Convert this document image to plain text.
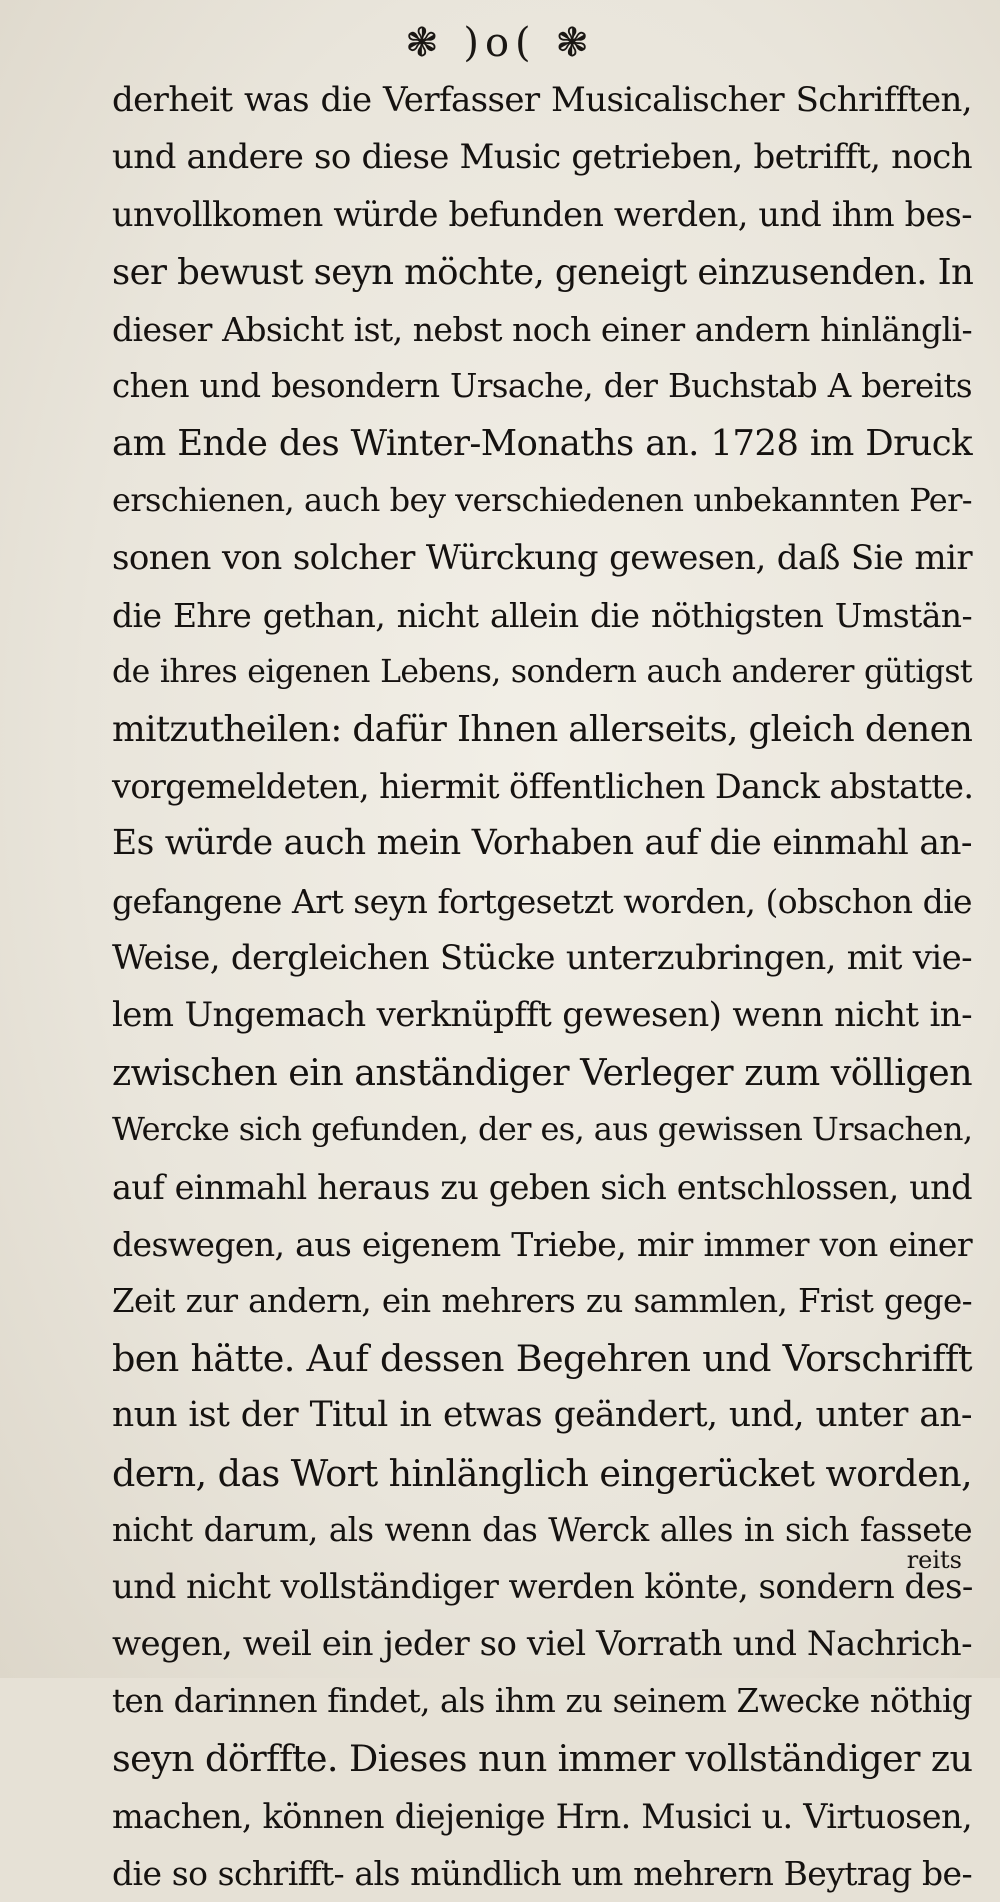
❃ )o( ❃
derheit was die Verfasser Musicalischer Schrifften,
und andere so diese Music getrieben, betrifft, noch
unvollkomen würde befunden werden, und ihm bes-
ser bewust seyn möchte, geneigt einzusenden. In
dieser Absicht ist, nebst noch einer andern hinlängli-
chen und besondern Ursache, der Buchstab A bereits
am Ende des Winter-Monaths an. 1728 im Druck
erschienen, auch bey verschiedenen unbekannten Per-
sonen von solcher Würckung gewesen, daß Sie mir
die Ehre gethan, nicht allein die nöthigsten Umstän-
de ihres eigenen Lebens, sondern auch anderer gütigst
mitzutheilen: dafür Ihnen allerseits, gleich denen
vorgemeldeten, hiermit öffentlichen Danck abstatte.
Es würde auch mein Vorhaben auf die einmahl an-
gefangene Art seyn fortgesetzt worden, (obschon die
Weise, dergleichen Stücke unterzubringen, mit vie-
lem Ungemach verknüpfft gewesen) wenn nicht in-
zwischen ein anständiger Verleger zum völligen
Wercke sich gefunden, der es, aus gewissen Ursachen,
auf einmahl heraus zu geben sich entschlossen, und
deswegen, aus eigenem Triebe, mir immer von einer
Zeit zur andern, ein mehrers zu sammlen, Frist gege-
ben hätte. Auf dessen Begehren und Vorschrifft
nun ist der Titul in etwas geändert, und, unter an-
dern, das Wort hinlänglich eingerücket worden,
nicht darum, als wenn das Werck alles in sich fassete
und nicht vollständiger werden könte, sondern des-
wegen, weil ein jeder so viel Vorrath und Nachrich-
ten darinnen findet, als ihm zu seinem Zwecke nöthig
seyn dörffte. Dieses nun immer vollständiger zu
machen, können diejenige Hrn. Musici u. Virtuosen,
die so schrifft- als mündlich um mehrern Beytrag be-
reits
